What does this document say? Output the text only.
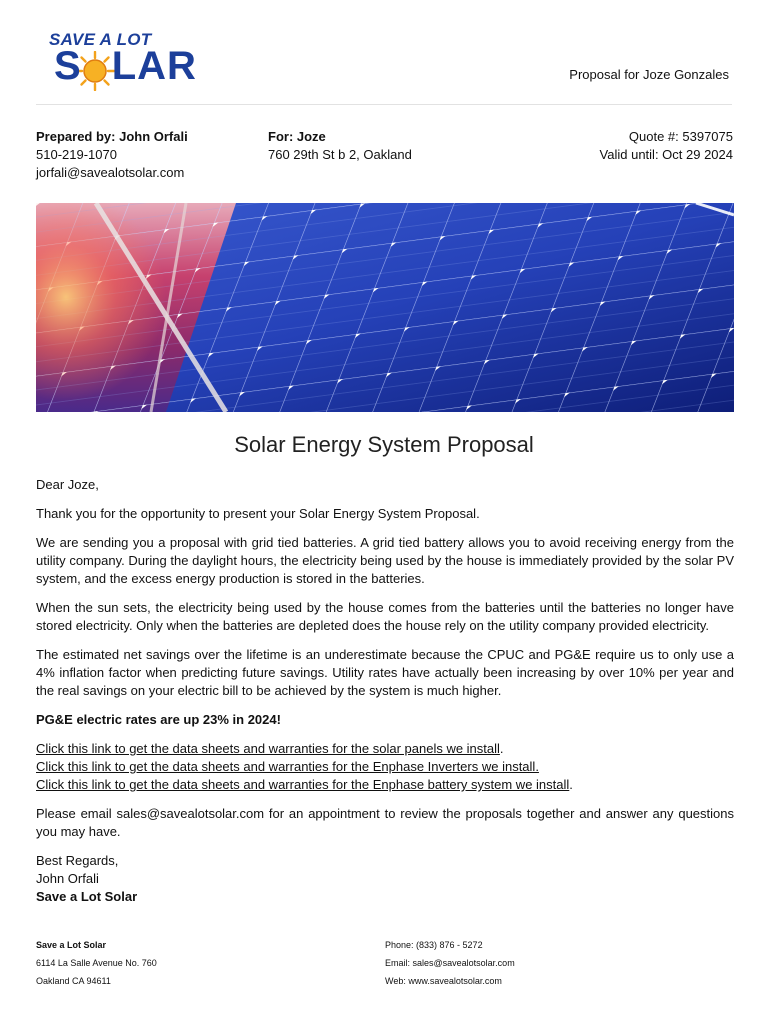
SAVE A LOT
LAR
S	Proposal for Joze Gonzales
Prepared by: John Orfali
510-219-1070
jorfali@savealotsolar.com
For: Joze
760 29th St b 2, Oakland
Quote #: 5397075
Valid until: Oct 29 2024
Solar Energy System Proposal

Dear Joze,

Thank you for the opportunity to present your Solar Energy System Proposal.

We are sending you a proposal with grid tied batteries. A grid tied battery allows you to avoid receiving energy from the utility company. During the daylight hours, the electricity being used by the house is immediately provided by the solar PV system, and the excess energy production is stored in the batteries.

When the sun sets, the electricity being used by the house comes from the batteries until the batteries no longer have stored electricity. Only when the batteries are depleted does the house rely on the utility company provided electricity.

The estimated net savings over the lifetime is an underestimate because the CPUC and PG&E require us to only use a 4% inflation factor when predicting future savings. Utility rates have actually been increasing by over 10% per year and the real savings on your electric bill to be achieved by the system is much higher.

PG&E electric rates are up 23% in 2024!

Click this link to get the data sheets and warranties for the solar panels we install.
Click this link to get the data sheets and warranties for the Enphase Inverters we install.
Click this link to get the data sheets and warranties for the Enphase battery system we install.

Please email sales@savealotsolar.com for an appointment to review the proposals together and answer any questions you may have.

Best Regards,
John Orfali
Save a Lot Solar
Save a Lot Solar
6114 La Salle Avenue No. 760
Oakland CA 94611
Phone: (833) 876 - 5272
Email: sales@savealotsolar.com
Web: www.savealotsolar.com
